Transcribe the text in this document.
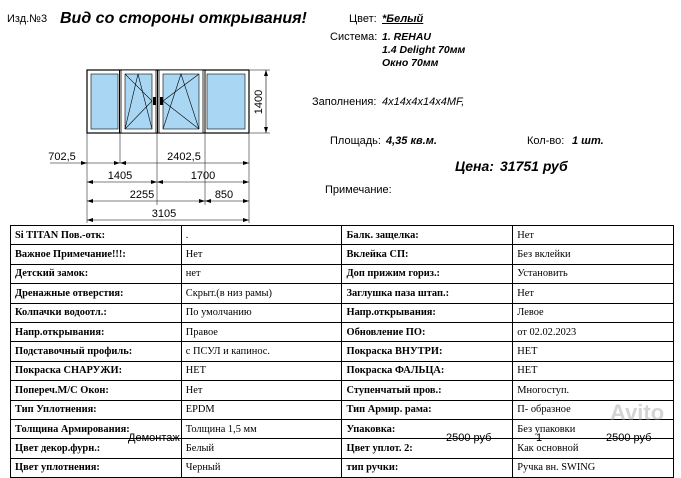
Изд.№3 Вид со стороны открывания!	Цвет: *Белый
Система: 1. REHAU
1.4 Delight 70мм
Окно 70мм
Заполнения: 4x14x4x14x4MF,
Площадь: 4,35 кв.м.	Кол-во: 1 шт.
Цена: 31751 руб
Примечание:
1400
702,5	2402,5
1405	1700
2255	850
3105
Si TITAN Пов.-отк:	.	Балк. защелка:	Нет
Важное Примечание!!!:	Нет	Вклейка СП:	Без вклейки
Детский замок:	нет	Доп прижим гориз.:	Установить
Дренажные отверстия:	Скрыт.(в низ рамы)	Заглушка паза штап.:	Нет
Колпачки водоотл.:	По умолчанию	Напр.открывания:	Левое
Напр.открывания:	Правое	Обновление ПО:	от 02.02.2023
Подставочный профиль:	с ПСУЛ и капинос.	Покраска ВНУТРИ:	НЕТ
Покраска СНАРУЖИ:	НЕТ	Покраска ФАЛЬЦА:	НЕТ
Попереч.М/С Окон:	Нет	Ступенчатый пров.:	Многоступ.
Тип Уплотнения:	EPDM	Тип Армир. рама:	П- образное
Толщина Армирования:	Толщина 1,5 мм	Упаковка:	Без упаковки
Цвет декор.фурн.:	Белый	Цвет уплот. 2:	Как основной
Цвет уплотнения:	Черный	тип ручки:	Ручка вн. SWING
Демонтаж	2500 руб	1	2500 руб
Avito
